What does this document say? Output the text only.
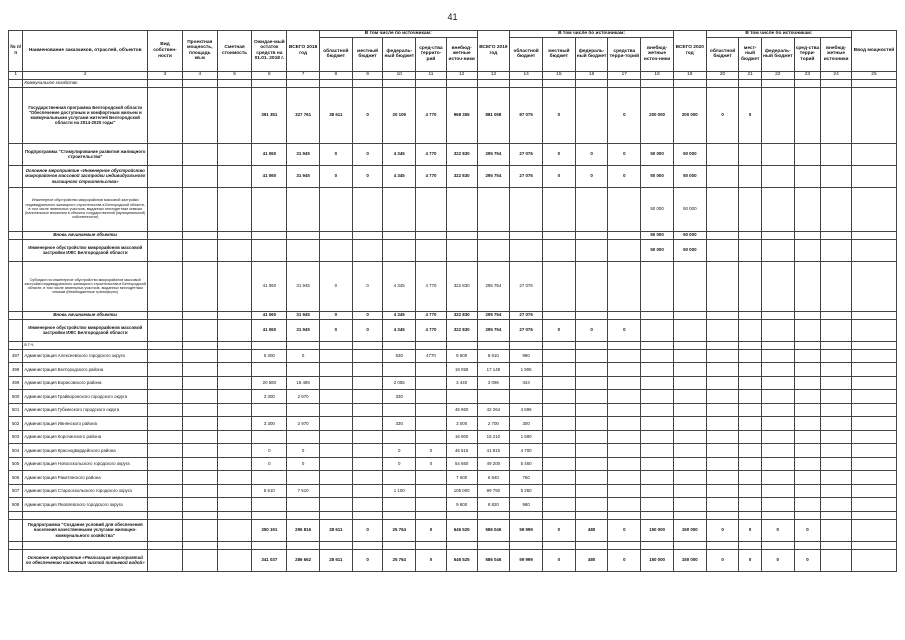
41
№ п/п	Наименование заказчиков, отраслей, объектов	Вид собствен-ности	Проектная мощность, площадь кв.м	Сметная стоимость	Ожидае-мый остаток средств на 01.01. 2018 г.	ВСЕГО 2018 год	В том числе по источникам:					ВСЕГО 2019 год	В том числе по источникам:					ВСЕГО 2020 год	В том числе по источникам:					Ввод мощностей
							областной бюджет	местный бюджет	федераль-ный бюджет	сред-ства террито-рий	внебюд-жетные источ-ники		областной бюджет	местный бюджет	федераль-ный бюджет	средства терри-торий	внебюд-жетные источ-ники		областной бюджет	мест-ный бюджет	федераль-ный бюджет	сред-ства терри-торий	внебюд-жетные источники	
1	2	3	4	5	6	7	8	9	10	11	12	13	14	15	16	17	18	19	20	21	22	23	24	25
	Коммунальное хозяйство																							
	Государственная программа Белгородской области "Обеспечение доступным и комфортным жильем и коммунальными услугами жителей Белгородской области на 2014-2020 годы"				391 351	327 761	38 611	0	20 109	4 770	968 355	881 058	87 075	0		0	200 000	200 000	0	0				
	Подпрограмма "Стимулирование развития жилищного строительства"				41 060	31 945	0	0	4 345	4 770	322 830	295 754	27 076	0	0	0	50 000	50 000						
	Основное мероприятие «Инженерное обустройство микрорайонов массовой застройки индивидуального жилищного строительства»				41 060	31 945	0	0	4 345	4 770	322 830	295 754	27 076	0	0	0	50 000	50 000						
	Инженерное обустройство микрорайонов массовой застройки индивидуального жилищного строительства в Белгородской области, в том числе земельных участков, выданных многодетным семьям (Капитальные вложения в объекты государственной (муниципальной) собственности)																50 000	50 000						
	Вновь начинаемые объекты																50 000	50 000						
	Инженерное обустройство микрорайонов массовой застройки ИЖС Белгородской области																50 000	50 000						
	Субсидии на инженерное обустройство микрорайонов массовой застройки индивидуального жилищного строительства в Белгородской области, в том числе земельных участков, выданных многодетным семьям (Межбюджетные трансферты)				41 060	31 945	0	0	4 345	4 770	322 830	295 754	27 076											
	Вновь начинаемые объекты				41 060	31 945	0	0	4 345	4 770	322 830	295 754	27 076											
	Инженерное обустройство микрорайонов массовой застройки ИЖС Белгородской области				41 060	31 945	0	0	4 345	4 770	322 830	295 754	27 076	0	0	0								
	в т.ч.																							
497	Администрация Алексеевского городского округа				5 300	0			530	4770	9 800	8 910	990											
498	Администрация Белгородского района										19 059	17 149	1 906											
499	Администрация Борисовского района				20 580	18 495			2 055		3 440	3 096	344											
500	Администрация Грайворонского городского округа				3 300	2 970			330															
501	Администрация Губкинского городского округа										46 960	42 264	4 696											
502	Администрация Ивнянского района				3 300	2 970			330		3 000	2 700	300											
503	Администрация Корочанского района										16 900	15 210	1 690											
504	Администрация Краснogвардейского района				0	0			0	0	46 515	41 815	4 700											
505	Администрация Новооскольского городского округа				0	0			0	0	54 660	49 200	5 460											
506	Администрация Ракитянского района										7 600	6 840	760											
507	Администрация Старооскольского городского округа				8 610	7 510			1 100		105 000	99 750	5 250											
508	Администрация Яковлевского городского округа										9 800	8 820	980											

	Подпрограмма "Создание условий для обеспечения населения качественными услугами жилищно-коммунального хозяйства"				350 191	295 816	28 611	0	25 764	0	646 525	586 046	59 999	0	480	0	150 000	150 000	0	0	0	0		

	Основное мероприятие «Реализация мероприятий по обеспечению населения чистой питьевой водой»				341 037	286 662	28 611	0	25 764	0	646 525	586 046	59 999	0	480	0	150 000	150 000	0	0	0	0		
